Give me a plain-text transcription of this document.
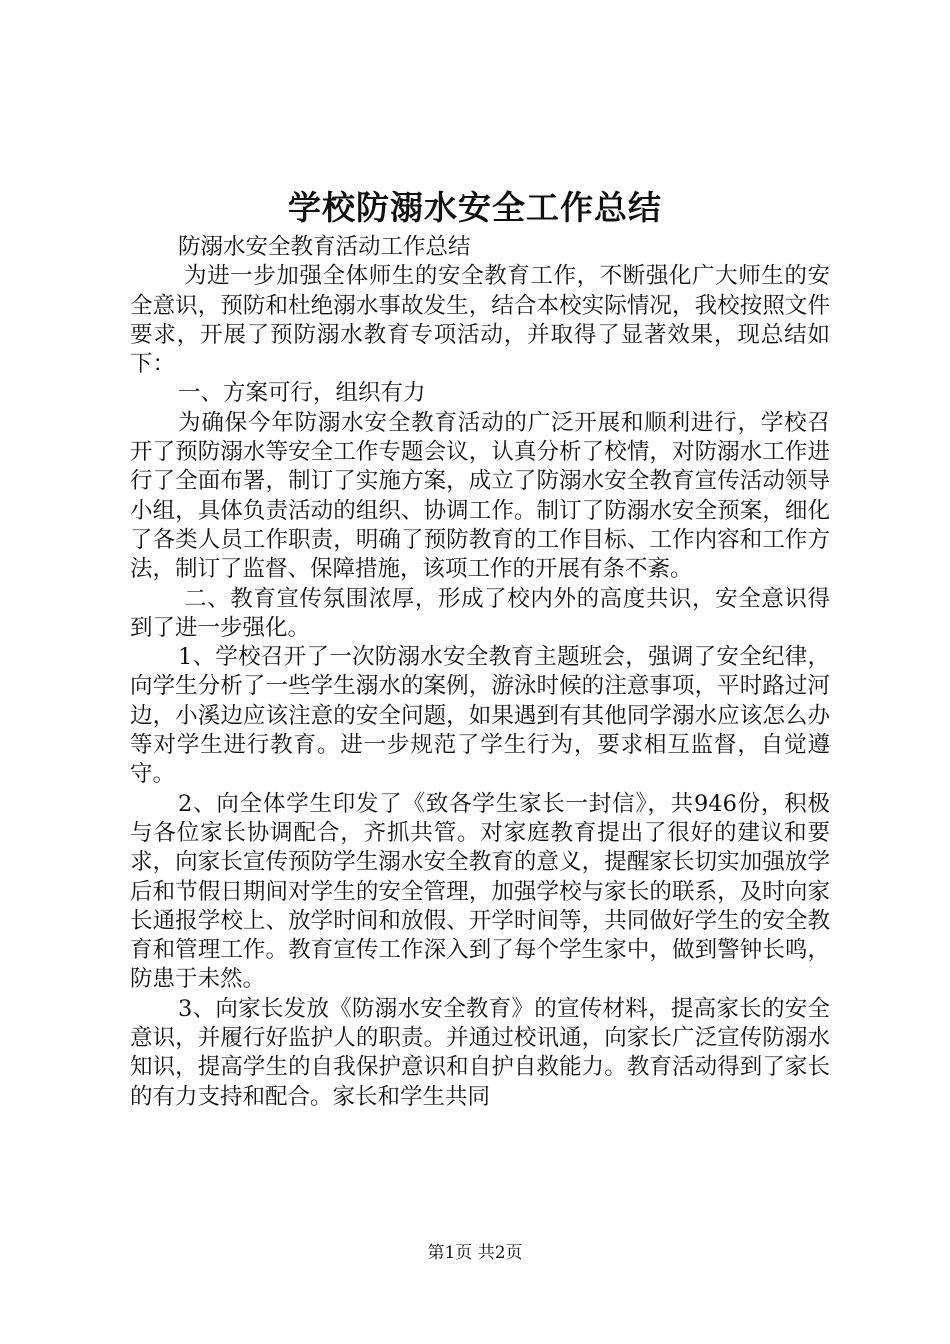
学校防溺水安全工作总结

防溺水安全教育活动工作总结

为进一步加强全体师生的安全教育工作，不断强化广大师生的安全意识，预防和杜绝溺水事故发生，结合本校实际情况，我校按照文件要求，开展了预防溺水教育专项活动，并取得了显著效果，现总结如下：

一、方案可行，组织有力

为确保今年防溺水安全教育活动的广泛开展和顺利进行，学校召开了预防溺水等安全工作专题会议，认真分析了校情，对防溺水工作进行了全面布署，制订了实施方案，成立了防溺水安全教育宣传活动领导小组，具体负责活动的组织、协调工作。制订了防溺水安全预案，细化了各类人员工作职责，明确了预防教育的工作目标、工作内容和工作方法，制订了监督、保障措施，该项工作的开展有条不紊。

二、教育宣传氛围浓厚，形成了校内外的高度共识，安全意识得到了进一步强化。

1、学校召开了一次防溺水安全教育主题班会，强调了安全纪律，向学生分析了一些学生溺水的案例，游泳时候的注意事项，平时路过河边，小溪边应该注意的安全问题，如果遇到有其他同学溺水应该怎么办等对学生进行教育。进一步规范了学生行为，要求相互监督，自觉遵守。

2、向全体学生印发了《致各学生家长一封信》，共946份，积极与各位家长协调配合，齐抓共管。对家庭教育提出了很好的建议和要求，向家长宣传预防学生溺水安全教育的意义，提醒家长切实加强放学后和节假日期间对学生的安全管理，加强学校与家长的联系，及时向家长通报学校上、放学时间和放假、开学时间等，共同做好学生的安全教育和管理工作。教育宣传工作深入到了每个学生家中，做到警钟长鸣，防患于未然。

3、向家长发放《防溺水安全教育》的宣传材料，提高家长的安全意识，并履行好监护人的职责。并通过校讯通，向家长广泛宣传防溺水知识，提高学生的自我保护意识和自护自救能力。教育活动得到了家长的有力支持和配合。家长和学生共同

第1页 共2页
